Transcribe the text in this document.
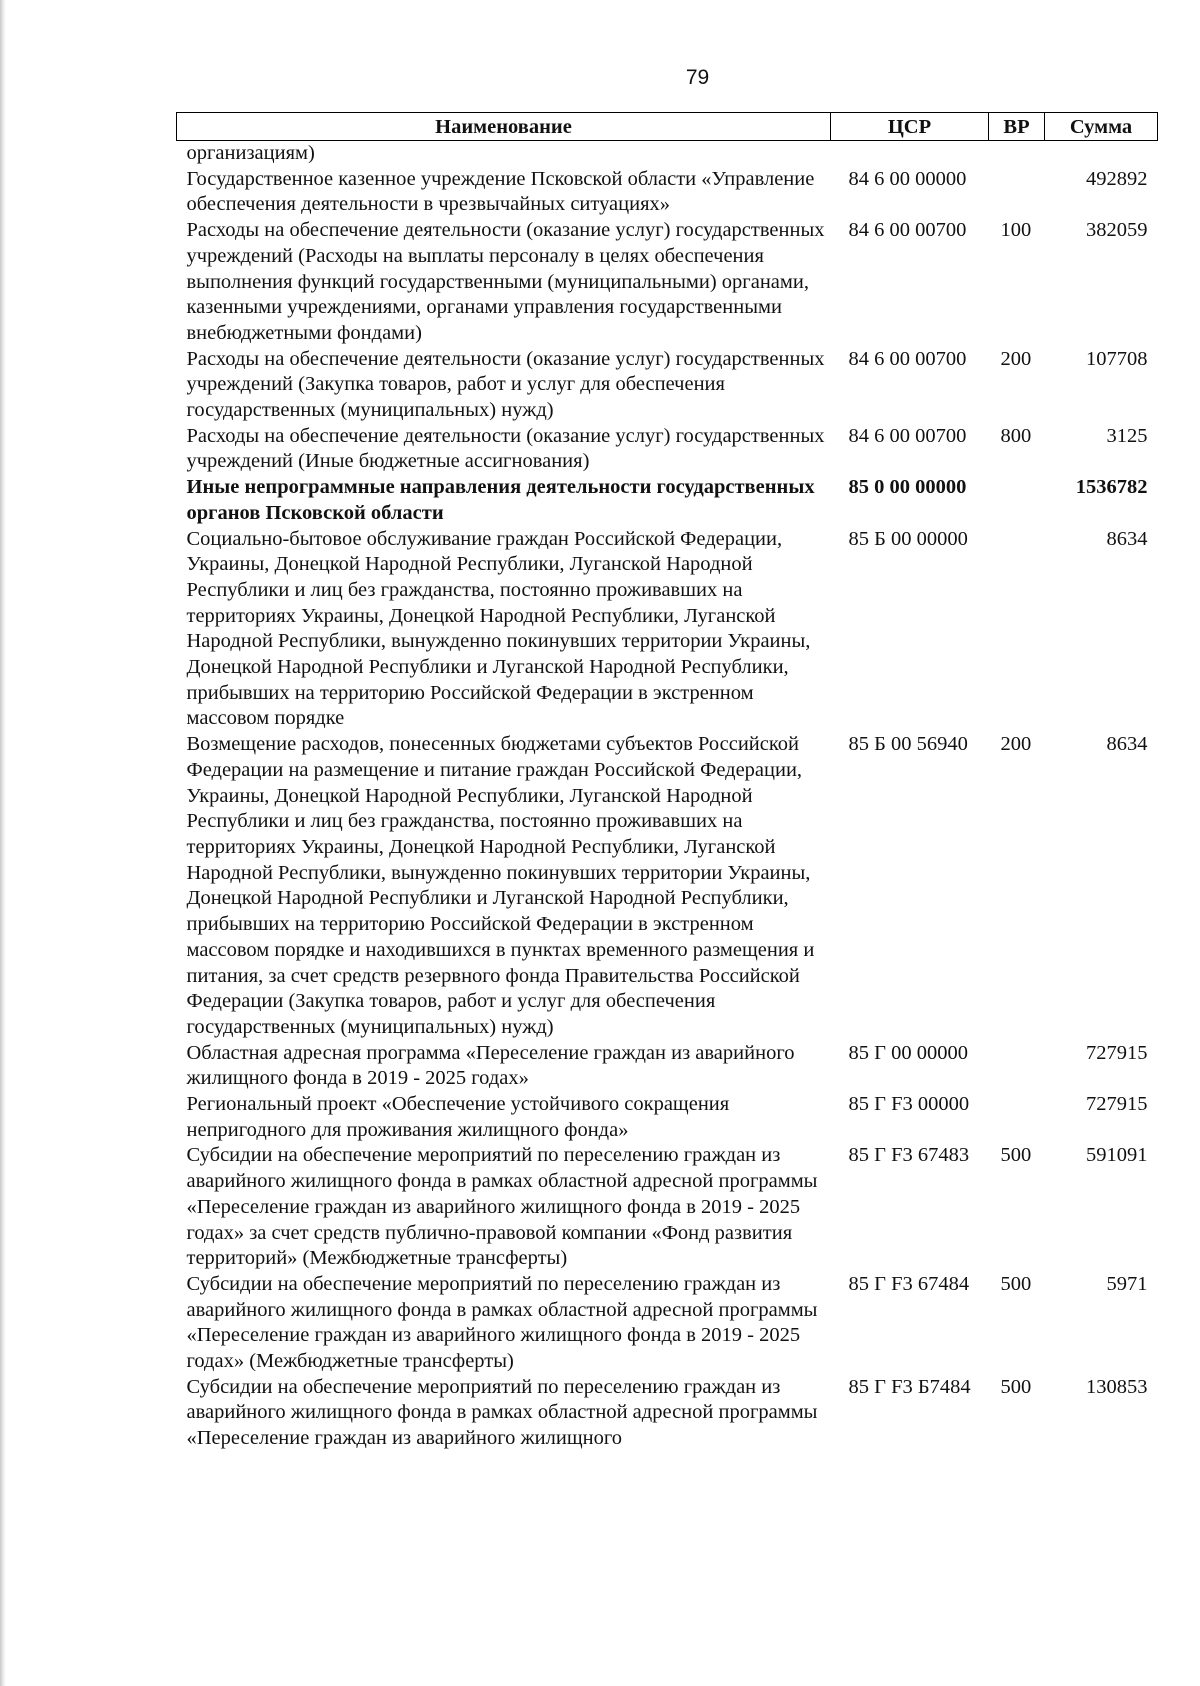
79
Наименование	ЦСР	ВР	Сумма
организациям)			
Государственное казенное учреждение Псковской области «Управление обеспечения деятельности в чрезвычайных ситуациях»	84 6 00 00000		492892
Расходы на обеспечение деятельности (оказание услуг) государственных учреждений (Расходы на выплаты персоналу в целях обеспечения выполнения функций государственными (муниципальными) органами, казенными учреждениями, органами управления государственными внебюджетными фондами)	84 6 00 00700	100	382059
Расходы на обеспечение деятельности (оказание услуг) государственных учреждений (Закупка товаров, работ и услуг для обеспечения государственных (муниципальных) нужд)	84 6 00 00700	200	107708
Расходы на обеспечение деятельности (оказание услуг) государственных учреждений (Иные бюджетные ассигнования)	84 6 00 00700	800	3125
Иные непрограммные направления деятельности государственных органов Псковской области	85 0 00 00000		1536782
Социально-бытовое обслуживание граждан Российской Федерации, Украины, Донецкой Народной Республики, Луганской Народной Республики и лиц без гражданства, постоянно проживавших на территориях Украины, Донецкой Народной Республики, Луганской Народной Республики, вынужденно покинувших территории Украины, Донецкой Народной Республики и Луганской Народной Республики, прибывших на территорию Российской Федерации в экстренном массовом порядке	85 Б 00 00000		8634
Возмещение расходов, понесенных бюджетами субъектов Российской Федерации на размещение и питание граждан Российской Федерации, Украины, Донецкой Народной Республики, Луганской Народной Республики и лиц без гражданства, постоянно проживавших на территориях Украины, Донецкой Народной Республики, Луганской Народной Республики, вынужденно покинувших территории Украины, Донецкой Народной Республики и Луганской Народной Республики, прибывших на территорию Российской Федерации в экстренном массовом порядке и находившихся в пунктах временного размещения и питания, за счет средств резервного фонда Правительства Российской Федерации (Закупка товаров, работ и услуг для обеспечения государственных (муниципальных) нужд)	85 Б 00 56940	200	8634
Областная адресная программа «Переселение граждан из аварийного жилищного фонда в 2019 - 2025 годах»	85 Г 00 00000		727915
Региональный проект «Обеспечение устойчивого сокращения непригодного для проживания жилищного фонда»	85 Г F3 00000		727915
Субсидии на обеспечение мероприятий по переселению граждан из аварийного жилищного фонда в рамках областной адресной программы «Переселение граждан из аварийного жилищного фонда в 2019 - 2025 годах» за счет средств публично-правовой компании «Фонд развития территорий» (Межбюджетные трансферты)	85 Г F3 67483	500	591091
Субсидии на обеспечение мероприятий по переселению граждан из аварийного жилищного фонда в рамках областной адресной программы «Переселение граждан из аварийного жилищного фонда в 2019 - 2025 годах» (Межбюджетные трансферты)	85 Г F3 67484	500	5971
Субсидии на обеспечение мероприятий по переселению граждан из аварийного жилищного фонда в рамках областной адресной программы «Переселение граждан из аварийного жилищного	85 Г F3 Б7484	500	130853
